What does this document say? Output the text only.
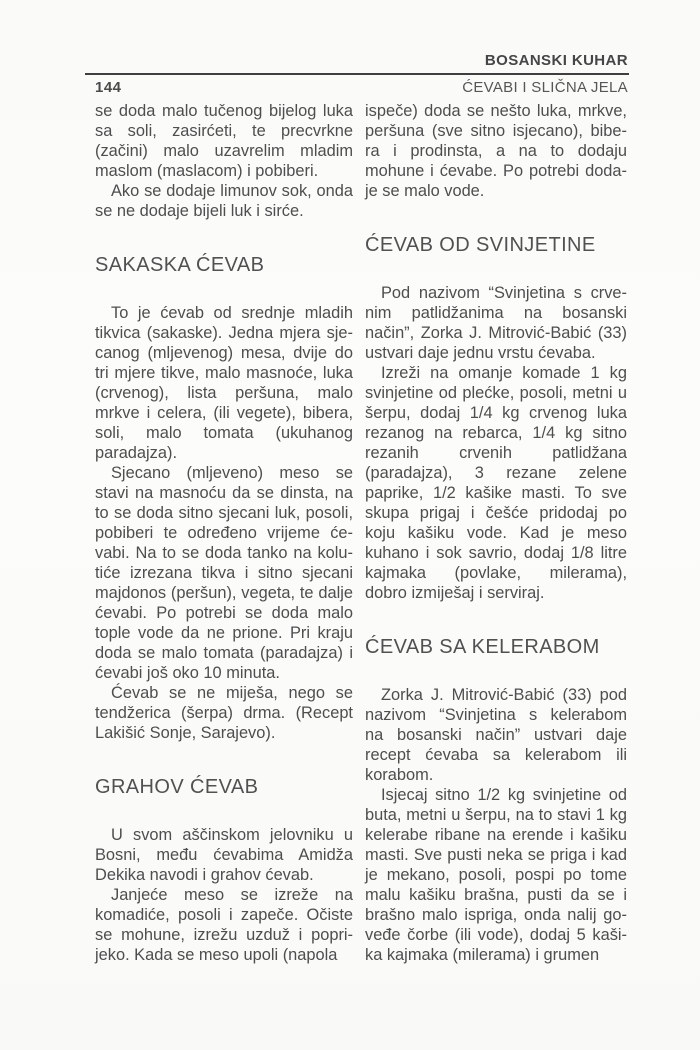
BOSANSKI KUHAR
144	ĆEVABI I SLIČNA JELA
se doda malo tučenog bijelog luka
sa soli, zasirćeti, te precvrkne
(začini) malo uzavrelim mladim
maslom (maslacom) i pobiberi.
Ako se dodaje limunov sok, onda
se ne dodaje bijeli luk i sirće.
SAKASKA ĆEVAB
To je ćevab od srednje mladih
tikvica (sakaske). Jedna mjera sje-
canog (mljevenog) mesa, dvije do
tri mjere tikve, malo masnoće, luka
(crvenog), lista peršuna, malo
mrkve i celera, (ili vegete), bibera,
soli, malo tomata (ukuhanog
paradajza).
Sjecano (mljeveno) meso se
stavi na masnoću da se dinsta, na
to se doda sitno sjecani luk, posoli,
pobiberi te određeno vrijeme će-
vabi. Na to se doda tanko na kolu-
tiće izrezana tikva i sitno sjecani
majdonos (peršun), vegeta, te dalje
ćevabi. Po potrebi se doda malo
tople vode da ne prione. Pri kraju
doda se malo tomata (paradajza) i
ćevabi još oko 10 minuta.
Ćevab se ne miješa, nego se
tendžerica (šerpa) drma. (Recept
Lakišić Sonje, Sarajevo).
GRAHOV ĆEVAB
U svom aščinskom jelovniku u
Bosni, među ćevabima Amidža
Dekika navodi i grahov ćevab.
Janjeće meso se izreže na
komadiće, posoli i zapeče. Očiste
se mohune, izrežu uzduž i popri-
jeko. Kada se meso upoli (napola
ispeče) doda se nešto luka, mrkve,
peršuna (sve sitno isjecano), bibe-
ra i prodinsta, a na to dodaju
mohune i ćevabe. Po potrebi doda-
je se malo vode.
ĆEVAB OD SVINJETINE
Pod nazivom “Svinjetina s crve-
nim patlidžanima na bosanski
način”, Zorka J. Mitrović-Babić (33)
ustvari daje jednu vrstu ćevaba.
Izreži na omanje komade 1 kg
svinjetine od plećke, posoli, metni u
šerpu, dodaj 1/4 kg crvenog luka
rezanog na rebarca, 1/4 kg sitno
rezanih crvenih patlidžana
(paradajza), 3 rezane zelene
paprike, 1/2 kašike masti. To sve
skupa prigaj i češće pridodaj po
koju kašiku vode. Kad je meso
kuhano i sok savrio, dodaj 1/8 litre
kajmaka (povlake, milerama),
dobro izmiješaj i serviraj.
ĆEVAB SA KELERABOM
Zorka J. Mitrović-Babić (33) pod
nazivom “Svinjetina s kelerabom
na bosanski način” ustvari daje
recept ćevaba sa kelerabom ili
korabom.
Isjecaj sitno 1/2 kg svinjetine od
buta, metni u šerpu, na to stavi 1 kg
kelerabe ribane na erende i kašiku
masti. Sve pusti neka se priga i kad
je mekano, posoli, pospi po tome
malu kašiku brašna, pusti da se i
brašno malo ispriga, onda nalij go-
veđe čorbe (ili vode), dodaj 5 kaši-
ka kajmaka (milerama) i grumen
